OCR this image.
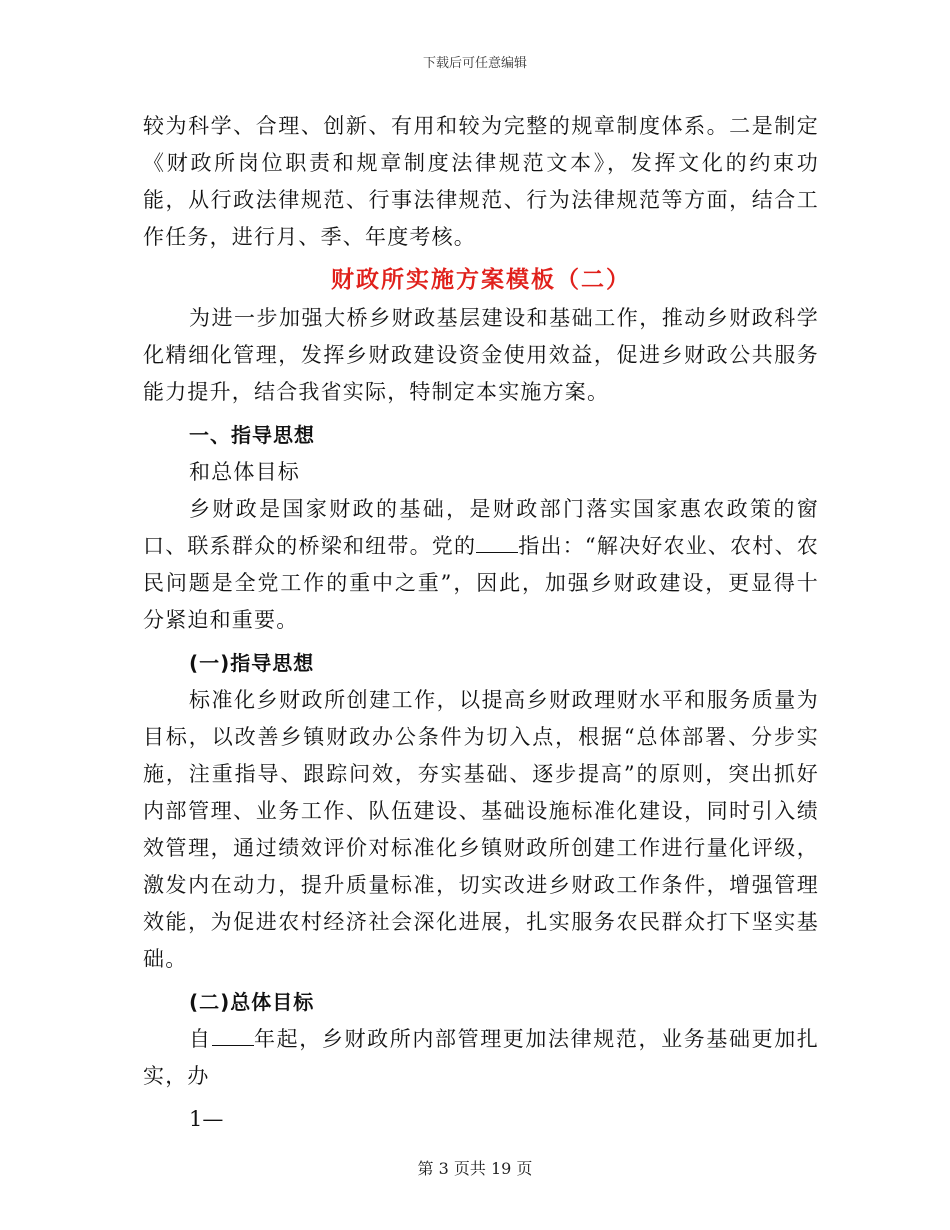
下载后可任意编辑

较为科学、合理、创新、有用和较为完整的规章制度体系。二是制定《财政所岗位职责和规章制度法律规范文本》，发挥文化的约束功能，从行政法律规范、行事法律规范、行为法律规范等方面，结合工作任务，进行月、季、年度考核。

财政所实施方案模板（二）

为进一步加强大桥乡财政基层建设和基础工作，推动乡财政科学化精细化管理，发挥乡财政建设资金使用效益，促进乡财政公共服务能力提升，结合我省实际，特制定本实施方案。

一、指导思想

和总体目标

乡财政是国家财政的基础，是财政部门落实国家惠农政策的窗口、联系群众的桥梁和纽带。党的 指出：“解决好农业、农村、农民问题是全党工作的重中之重”，因此，加强乡财政建设，更显得十分紧迫和重要。

(一)指导思想

标准化乡财政所创建工作，以提高乡财政理财水平和服务质量为目标，以改善乡镇财政办公条件为切入点，根据“总体部署、分步实施，注重指导、跟踪问效，夯实基础、逐步提高”的原则，突出抓好内部管理、业务工作、队伍建设、基础设施标准化建设，同时引入绩效管理，通过绩效评价对标准化乡镇财政所创建工作进行量化评级，激发内在动力，提升质量标准，切实改进乡财政工作条件，增强管理效能，为促进农村经济社会深化进展，扎实服务农民群众打下坚实基础。

(二)总体目标

自 年起，乡财政所内部管理更加法律规范，业务基础更加扎实，办

1—
第 3 页共 19 页
